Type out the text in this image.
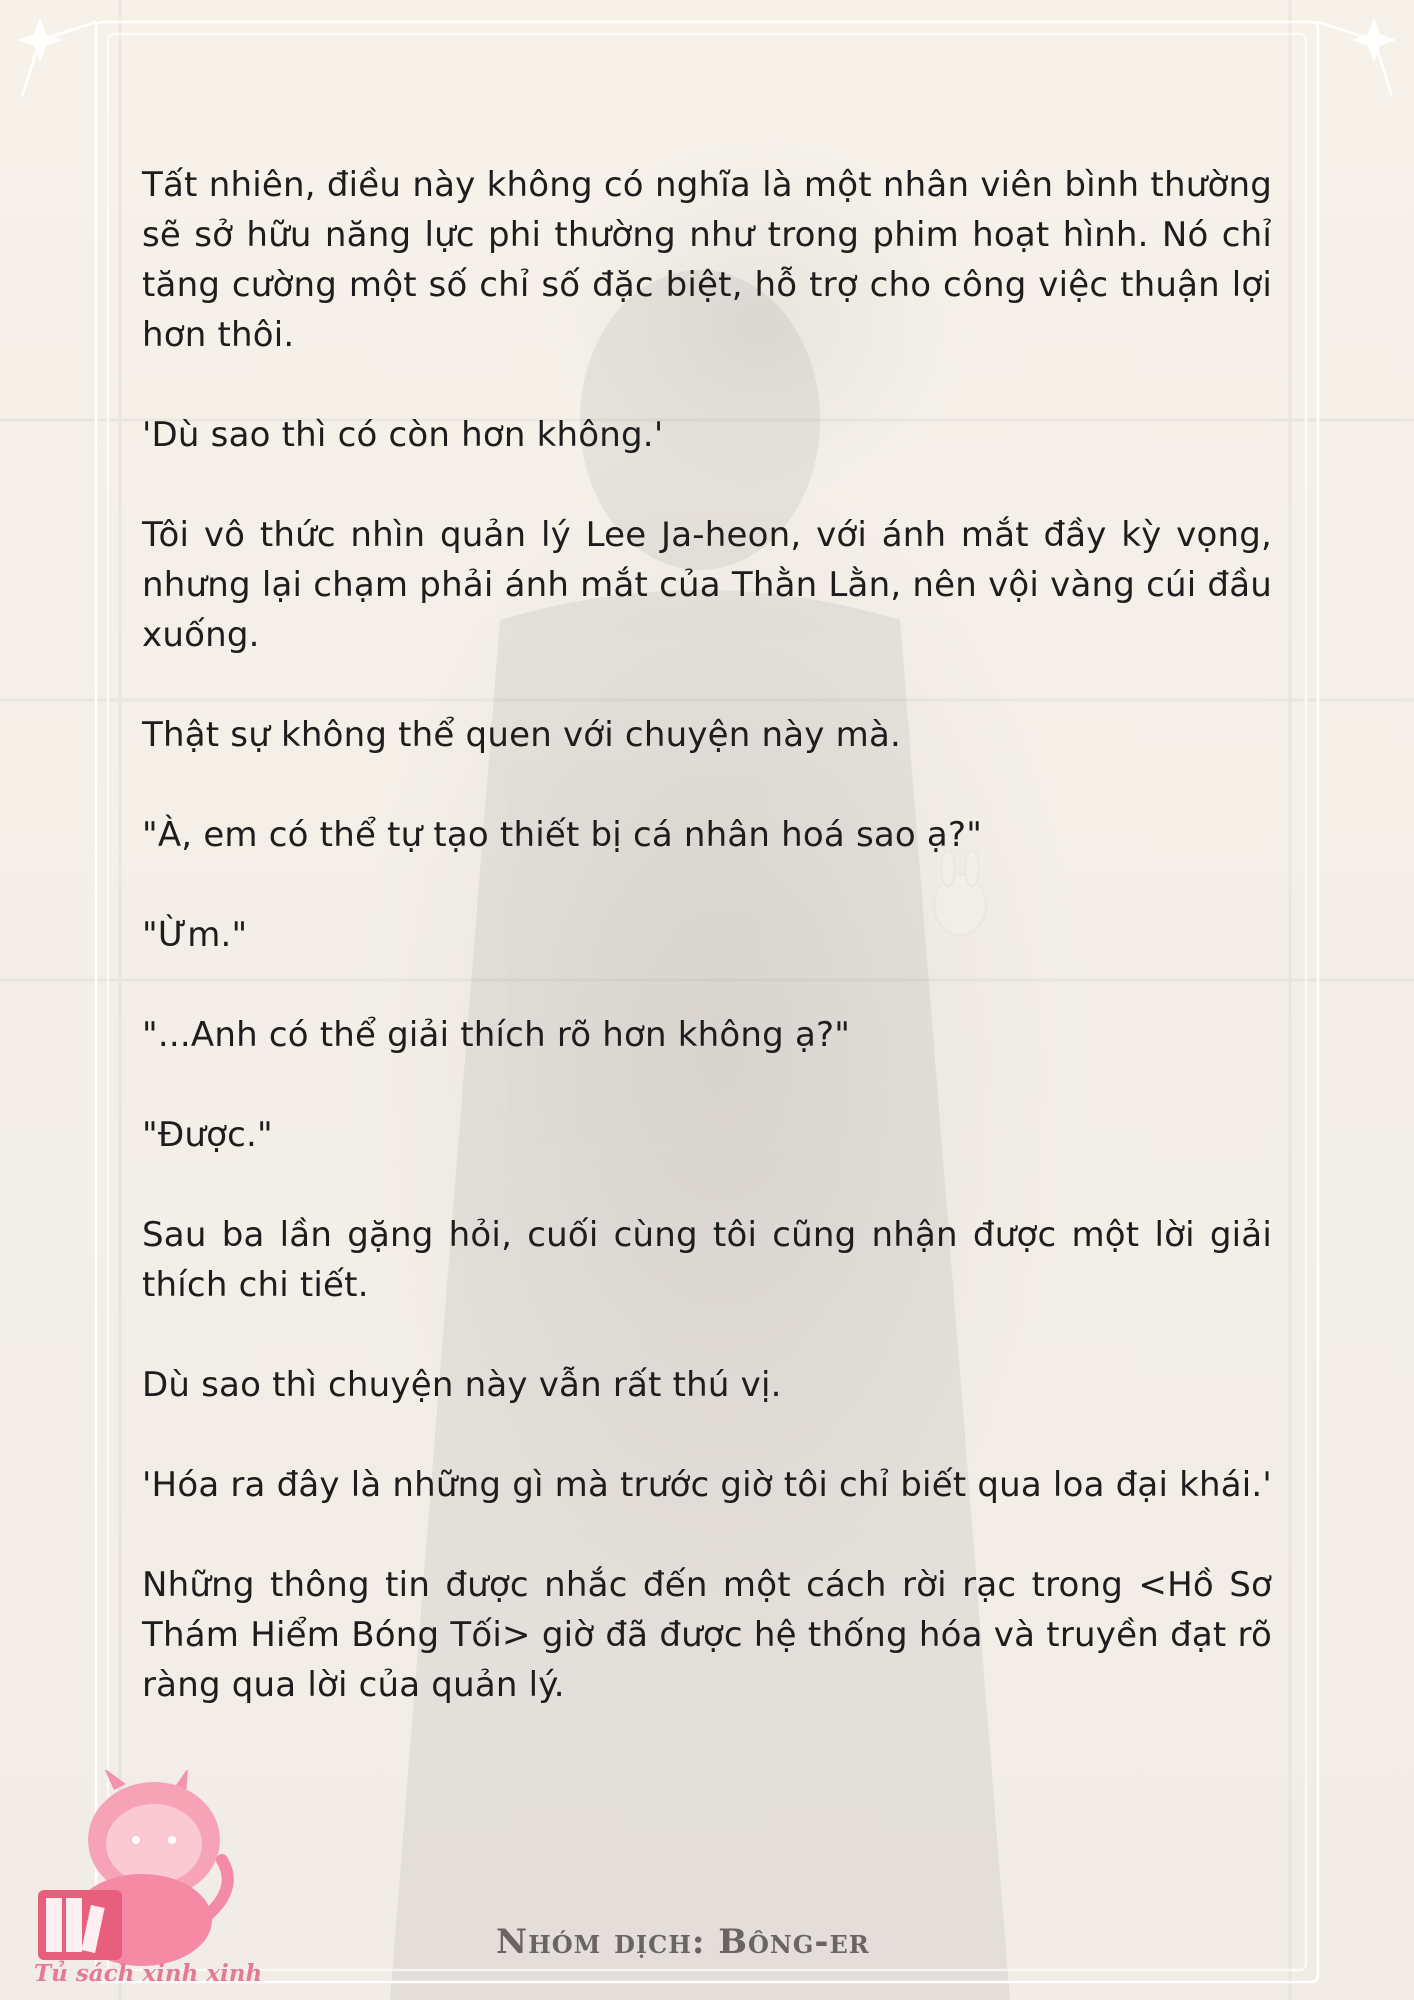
Tất nhiên, điều này không có nghĩa là một nhân viên bình thường sẽ sở hữu năng lực phi thường như trong phim hoạt hình. Nó chỉ tăng cường một số chỉ số đặc biệt, hỗ trợ cho công việc thuận lợi hơn thôi.

'Dù sao thì có còn hơn không.'

Tôi vô thức nhìn quản lý Lee Ja-heon, với ánh mắt đầy kỳ vọng, nhưng lại chạm phải ánh mắt của Thằn Lằn, nên vội vàng cúi đầu xuống.

Thật sự không thể quen với chuyện này mà.

"À, em có thể tự tạo thiết bị cá nhân hoá sao ạ?"

"Ừm."

"...Anh có thể giải thích rõ hơn không ạ?"

"Được."

Sau ba lần gặng hỏi, cuối cùng tôi cũng nhận được một lời giải thích chi tiết.

Dù sao thì chuyện này vẫn rất thú vị.

'Hóa ra đây là những gì mà trước giờ tôi chỉ biết qua loa đại khái.'

Những thông tin được nhắc đến một cách rời rạc trong <Hồ Sơ Thám Hiểm Bóng Tối> giờ đã được hệ thống hóa và truyền đạt rõ ràng qua lời của quản lý.

Tủ sách xinh xinh
Nhóm dịch: Bông-er
